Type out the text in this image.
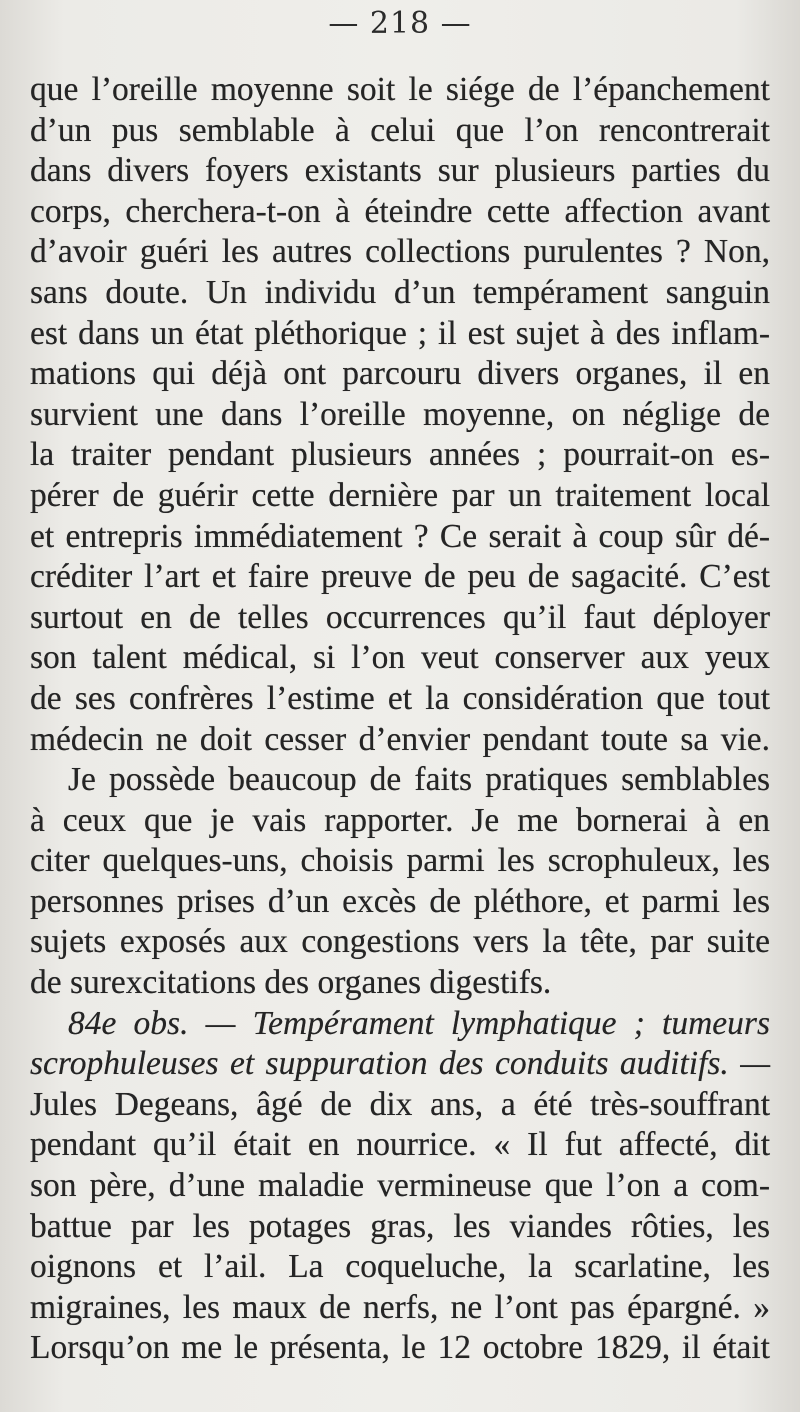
— 218 —
que l’oreille moyenne soit le siége de l’épanchement
d’un pus semblable à celui que l’on rencontrerait
dans divers foyers existants sur plusieurs parties du
corps, cherchera-t-on à éteindre cette affection avant
d’avoir guéri les autres collections purulentes ? Non,
sans doute. Un individu d’un tempérament sanguin
est dans un état pléthorique ; il est sujet à des inflam-
mations qui déjà ont parcouru divers organes, il en
survient une dans l’oreille moyenne, on néglige de
la traiter pendant plusieurs années ; pourrait-on es-
pérer de guérir cette dernière par un traitement local
et entrepris immédiatement ? Ce serait à coup sûr dé-
créditer l’art et faire preuve de peu de sagacité. C’est
surtout en de telles occurrences qu’il faut déployer
son talent médical, si l’on veut conserver aux yeux
de ses confrères l’estime et la considération que tout
médecin ne doit cesser d’envier pendant toute sa vie.
Je possède beaucoup de faits pratiques semblables
à ceux que je vais rapporter. Je me bornerai à en
citer quelques-uns, choisis parmi les scrophuleux, les
personnes prises d’un excès de pléthore, et parmi les
sujets exposés aux congestions vers la tête, par suite
de surexcitations des organes digestifs.
84e obs. — Tempérament lymphatique ; tumeurs
scrophuleuses et suppuration des conduits auditifs. —
Jules Degeans, âgé de dix ans, a été très-souffrant
pendant qu’il était en nourrice. « Il fut affecté, dit
son père, d’une maladie vermineuse que l’on a com-
battue par les potages gras, les viandes rôties, les
oignons et l’ail. La coqueluche, la scarlatine, les
migraines, les maux de nerfs, ne l’ont pas épargné. »
Lorsqu’on me le présenta, le 12 octobre 1829, il était
